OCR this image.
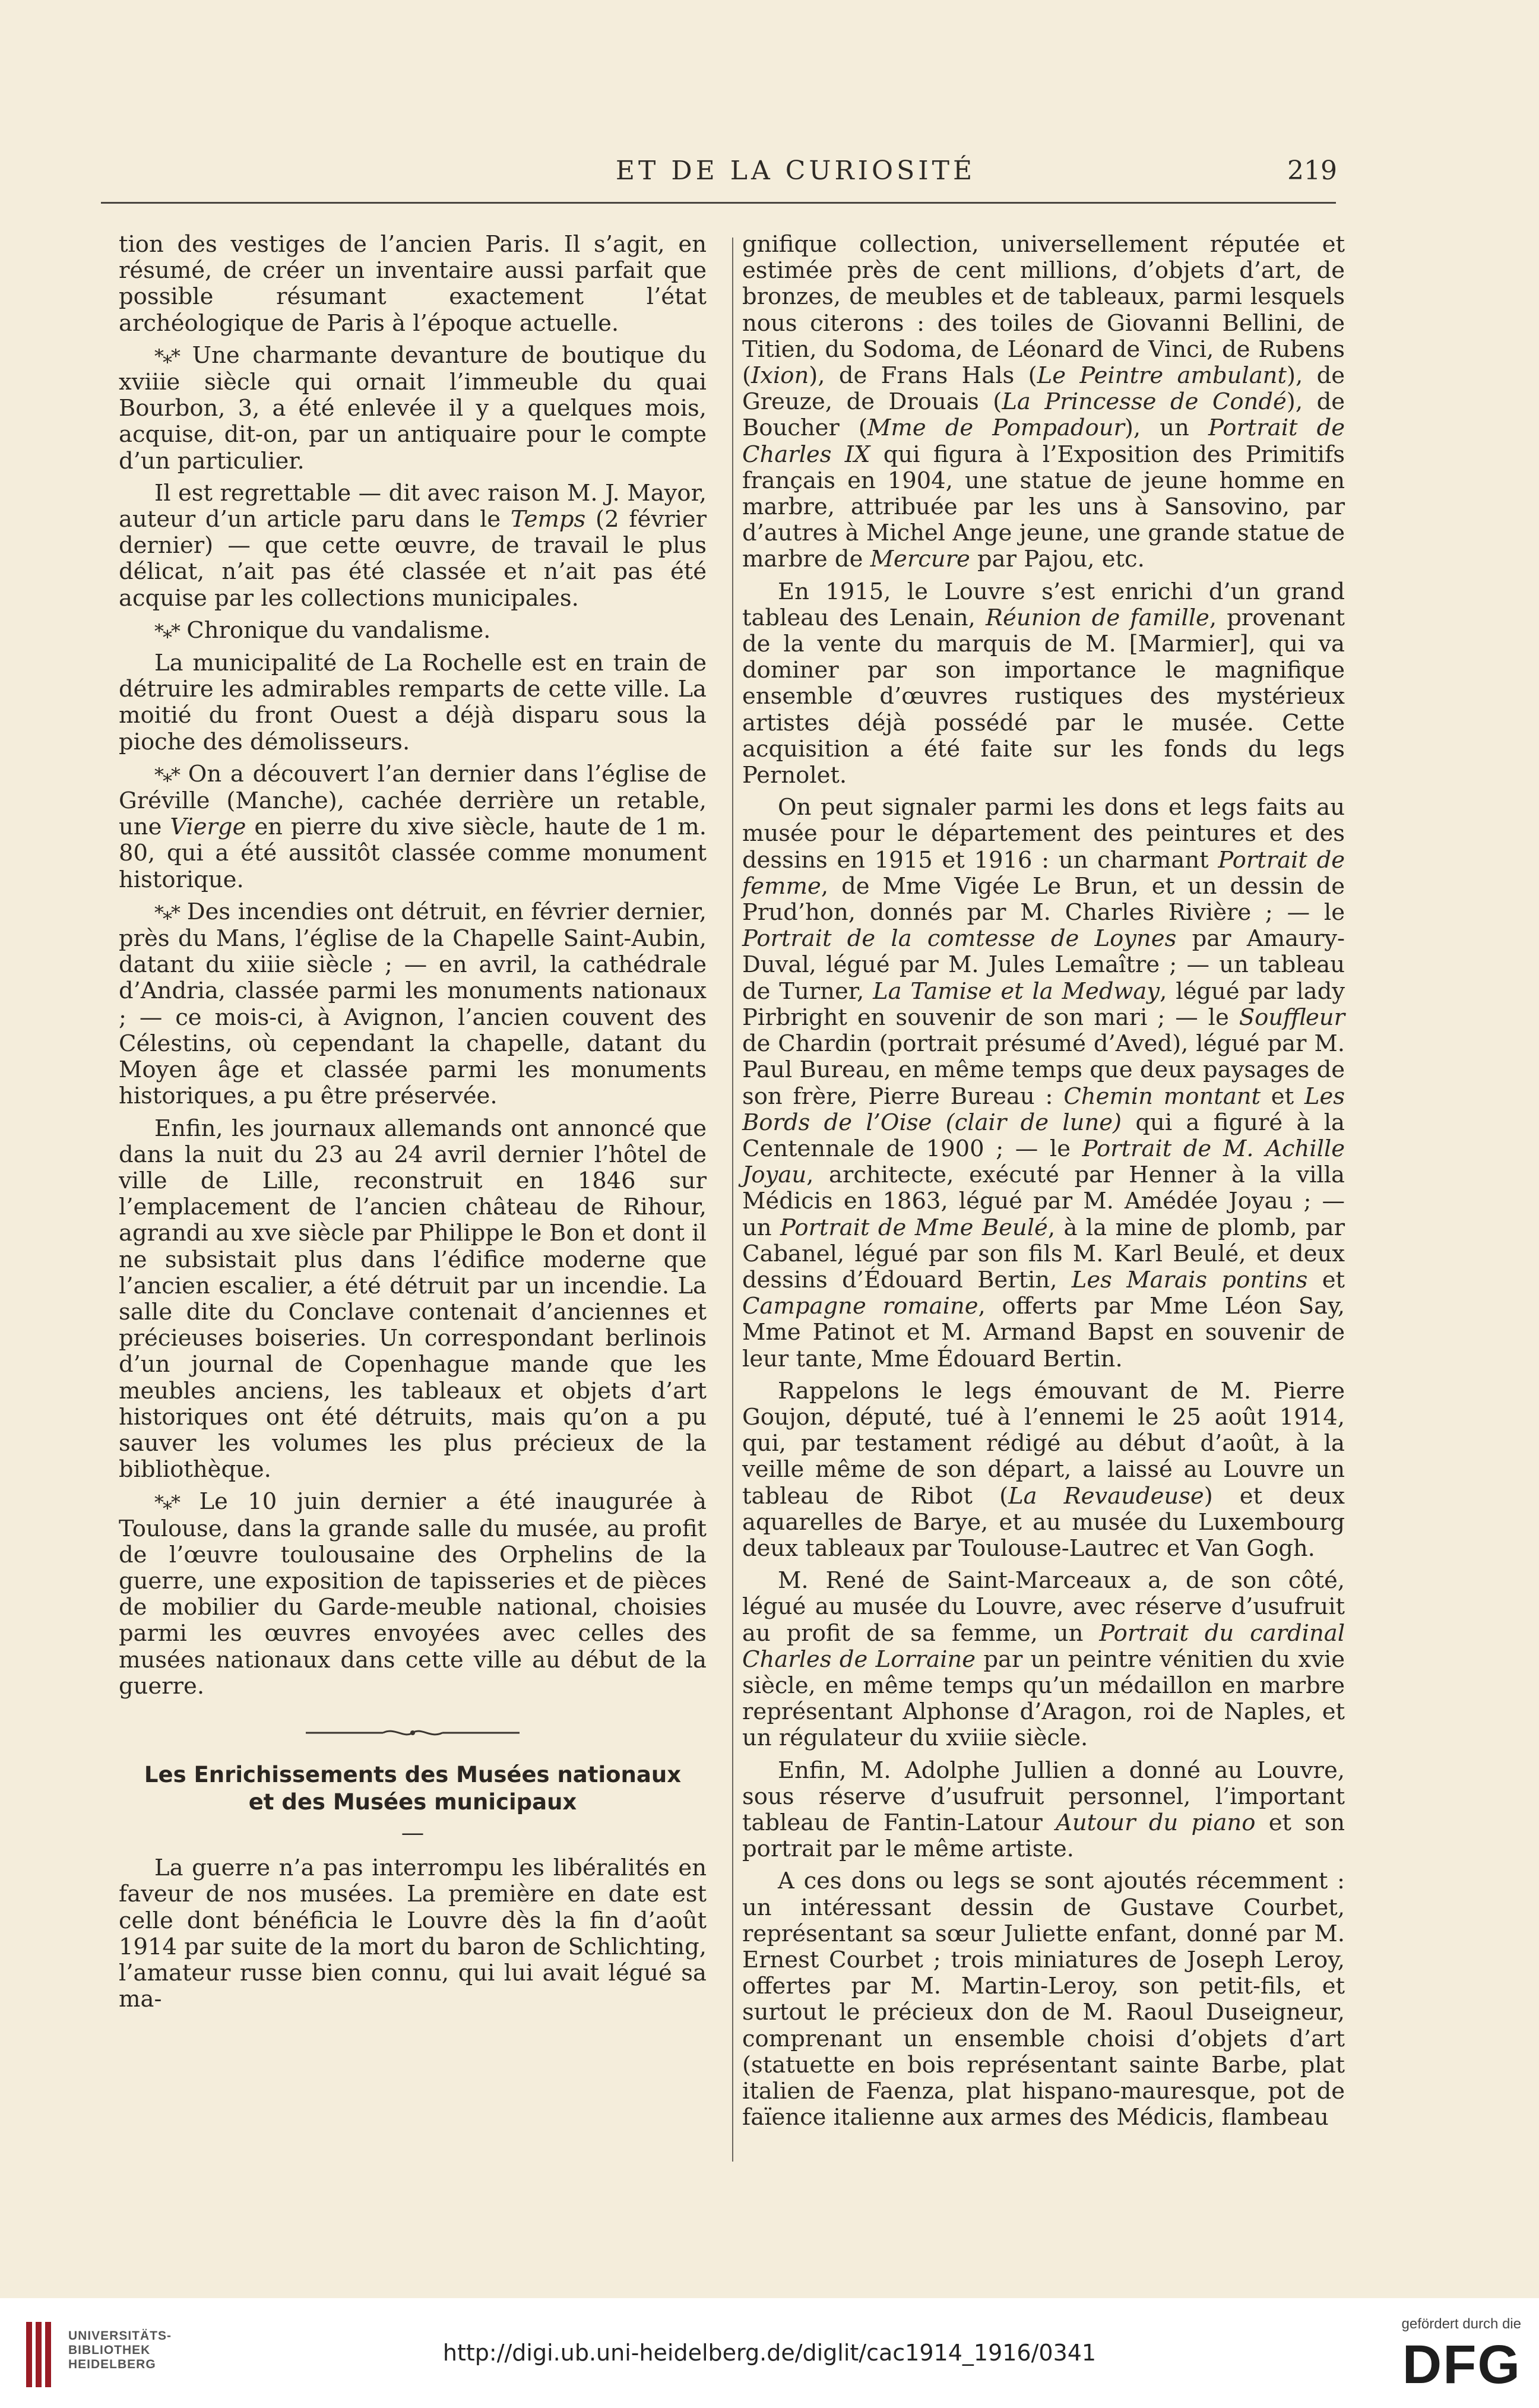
ET DE LA CURIOSITÉ	219

tion des vestiges de l’ancien Paris. Il s’agit, en résumé, de créer un inventaire aussi parfait que possible résumant exactement l’état archéologique de Paris à l’époque actuelle.

*⁎* Une charmante devanture de boutique du xviiie siècle qui ornait l’immeuble du quai Bourbon, 3, a été enlevée il y a quelques mois, acquise, dit-on, par un antiquaire pour le compte d’un particulier.

Il est regrettable — dit avec raison M. J. Mayor, auteur d’un article paru dans le Temps (2 février dernier) — que cette œuvre, de travail le plus délicat, n’ait pas été classée et n’ait pas été acquise par les collections municipales.

*⁎* Chronique du vandalisme.

La municipalité de La Rochelle est en train de détruire les admirables remparts de cette ville. La moitié du front Ouest a déjà disparu sous la pioche des démolisseurs.

*⁎* On a découvert l’an dernier dans l’église de Gréville (Manche), cachée derrière un retable, une Vierge en pierre du xive siècle, haute de 1 m. 80, qui a été aussitôt classée comme monument historique.

*⁎* Des incendies ont détruit, en février dernier, près du Mans, l’église de la Chapelle Saint-Aubin, datant du xiiie siècle ; — en avril, la cathédrale d’Andria, classée parmi les monuments nationaux ; — ce mois-ci, à Avignon, l’ancien couvent des Célestins, où cependant la chapelle, datant du Moyen âge et classée parmi les monuments historiques, a pu être préservée.

Enfin, les journaux allemands ont annoncé que dans la nuit du 23 au 24 avril dernier l’hôtel de ville de Lille, reconstruit en 1846 sur l’emplacement de l’ancien château de Rihour, agrandi au xve siècle par Philippe le Bon et dont il ne subsistait plus dans l’édifice moderne que l’ancien escalier, a été détruit par un incendie. La salle dite du Conclave contenait d’anciennes et précieuses boiseries. Un correspondant berlinois d’un journal de Copenhague mande que les meubles anciens, les tableaux et objets d’art historiques ont été détruits, mais qu’on a pu sauver les volumes les plus précieux de la bibliothèque.

*⁎* Le 10 juin dernier a été inaugurée à Toulouse, dans la grande salle du musée, au profit de l’œuvre toulousaine des Orphelins de la guerre, une exposition de tapisseries et de pièces de mobilier du Garde-meuble national, choisies parmi les œuvres envoyées avec celles des musées nationaux dans cette ville au début de la guerre.

Les Enrichissements des Musées nationaux

et des Musées municipaux

—

La guerre n’a pas interrompu les libéralités en faveur de nos musées. La première en date est celle dont bénéficia le Louvre dès la fin d’août 1914 par suite de la mort du baron de Schlichting, l’amateur russe bien connu, qui lui avait légué sa ma-

gnifique collection, universellement réputée et estimée près de cent millions, d’objets d’art, de bronzes, de meubles et de tableaux, parmi lesquels nous citerons : des toiles de Giovanni Bellini, de Titien, du Sodoma, de Léonard de Vinci, de Rubens (Ixion), de Frans Hals (Le Peintre ambulant), de Greuze, de Drouais (La Princesse de Condé), de Boucher (Mme de Pompadour), un Portrait de Charles IX qui figura à l’Exposition des Primitifs français en 1904, une statue de jeune homme en marbre, attribuée par les uns à Sansovino, par d’autres à Michel Ange jeune, une grande statue de marbre de Mercure par Pajou, etc.

En 1915, le Louvre s’est enrichi d’un grand tableau des Lenain, Réunion de famille, provenant de la vente du marquis de M. [Marmier], qui va dominer par son importance le magnifique ensemble d’œuvres rustiques des mystérieux artistes déjà possédé par le musée. Cette acquisition a été faite sur les fonds du legs Pernolet.

On peut signaler parmi les dons et legs faits au musée pour le département des peintures et des dessins en 1915 et 1916 : un charmant Portrait de femme, de Mme Vigée Le Brun, et un dessin de Prud’hon, donnés par M. Charles Rivière ; — le Portrait de la comtesse de Loynes par Amaury-Duval, légué par M. Jules Lemaître ; — un tableau de Turner, La Tamise et la Medway, légué par lady Pirbright en souvenir de son mari ; — le Souffleur de Chardin (portrait présumé d’Aved), légué par M. Paul Bureau, en même temps que deux paysages de son frère, Pierre Bureau : Chemin montant et Les Bords de l’Oise (clair de lune) qui a figuré à la Centennale de 1900 ; — le Portrait de M. Achille Joyau, architecte, exécuté par Henner à la villa Médicis en 1863, légué par M. Amédée Joyau ; — un Portrait de Mme Beulé, à la mine de plomb, par Cabanel, légué par son fils M. Karl Beulé, et deux dessins d’Édouard Bertin, Les Marais pontins et Campagne romaine, offerts par Mme Léon Say, Mme Patinot et M. Armand Bapst en souvenir de leur tante, Mme Édouard Bertin.

Rappelons le legs émouvant de M. Pierre Goujon, député, tué à l’ennemi le 25 août 1914, qui, par testament rédigé au début d’août, à la veille même de son départ, a laissé au Louvre un tableau de Ribot (La Revaudeuse) et deux aquarelles de Barye, et au musée du Luxembourg deux tableaux par Toulouse-Lautrec et Van Gogh.

M. René de Saint-Marceaux a, de son côté, légué au musée du Louvre, avec réserve d’usufruit au profit de sa femme, un Portrait du cardinal Charles de Lorraine par un peintre vénitien du xvie siècle, en même temps qu’un médaillon en marbre représentant Alphonse d’Aragon, roi de Naples, et un régulateur du xviiie siècle.

Enfin, M. Adolphe Jullien a donné au Louvre, sous réserve d’usufruit personnel, l’important tableau de Fantin-Latour Autour du piano et son portrait par le même artiste.

A ces dons ou legs se sont ajoutés récemment : un intéressant dessin de Gustave Courbet, représentant sa sœur Juliette enfant, donné par M. Ernest Courbet ; trois miniatures de Joseph Leroy, offertes par M. Martin-Leroy, son petit-fils, et surtout le précieux don de M. Raoul Duseigneur, comprenant un ensemble choisi d’objets d’art (statuette en bois représentant sainte Barbe, plat italien de Faenza, plat hispano-mauresque, pot de faïence italienne aux armes des Médicis, flambeau

UNIVERSITÄTS-
BIBLIOTHEK
HEIDELBERG	http://digi.ub.uni-heidelberg.de/diglit/cac1914_1916/0341
gefördert durch die
DFG
